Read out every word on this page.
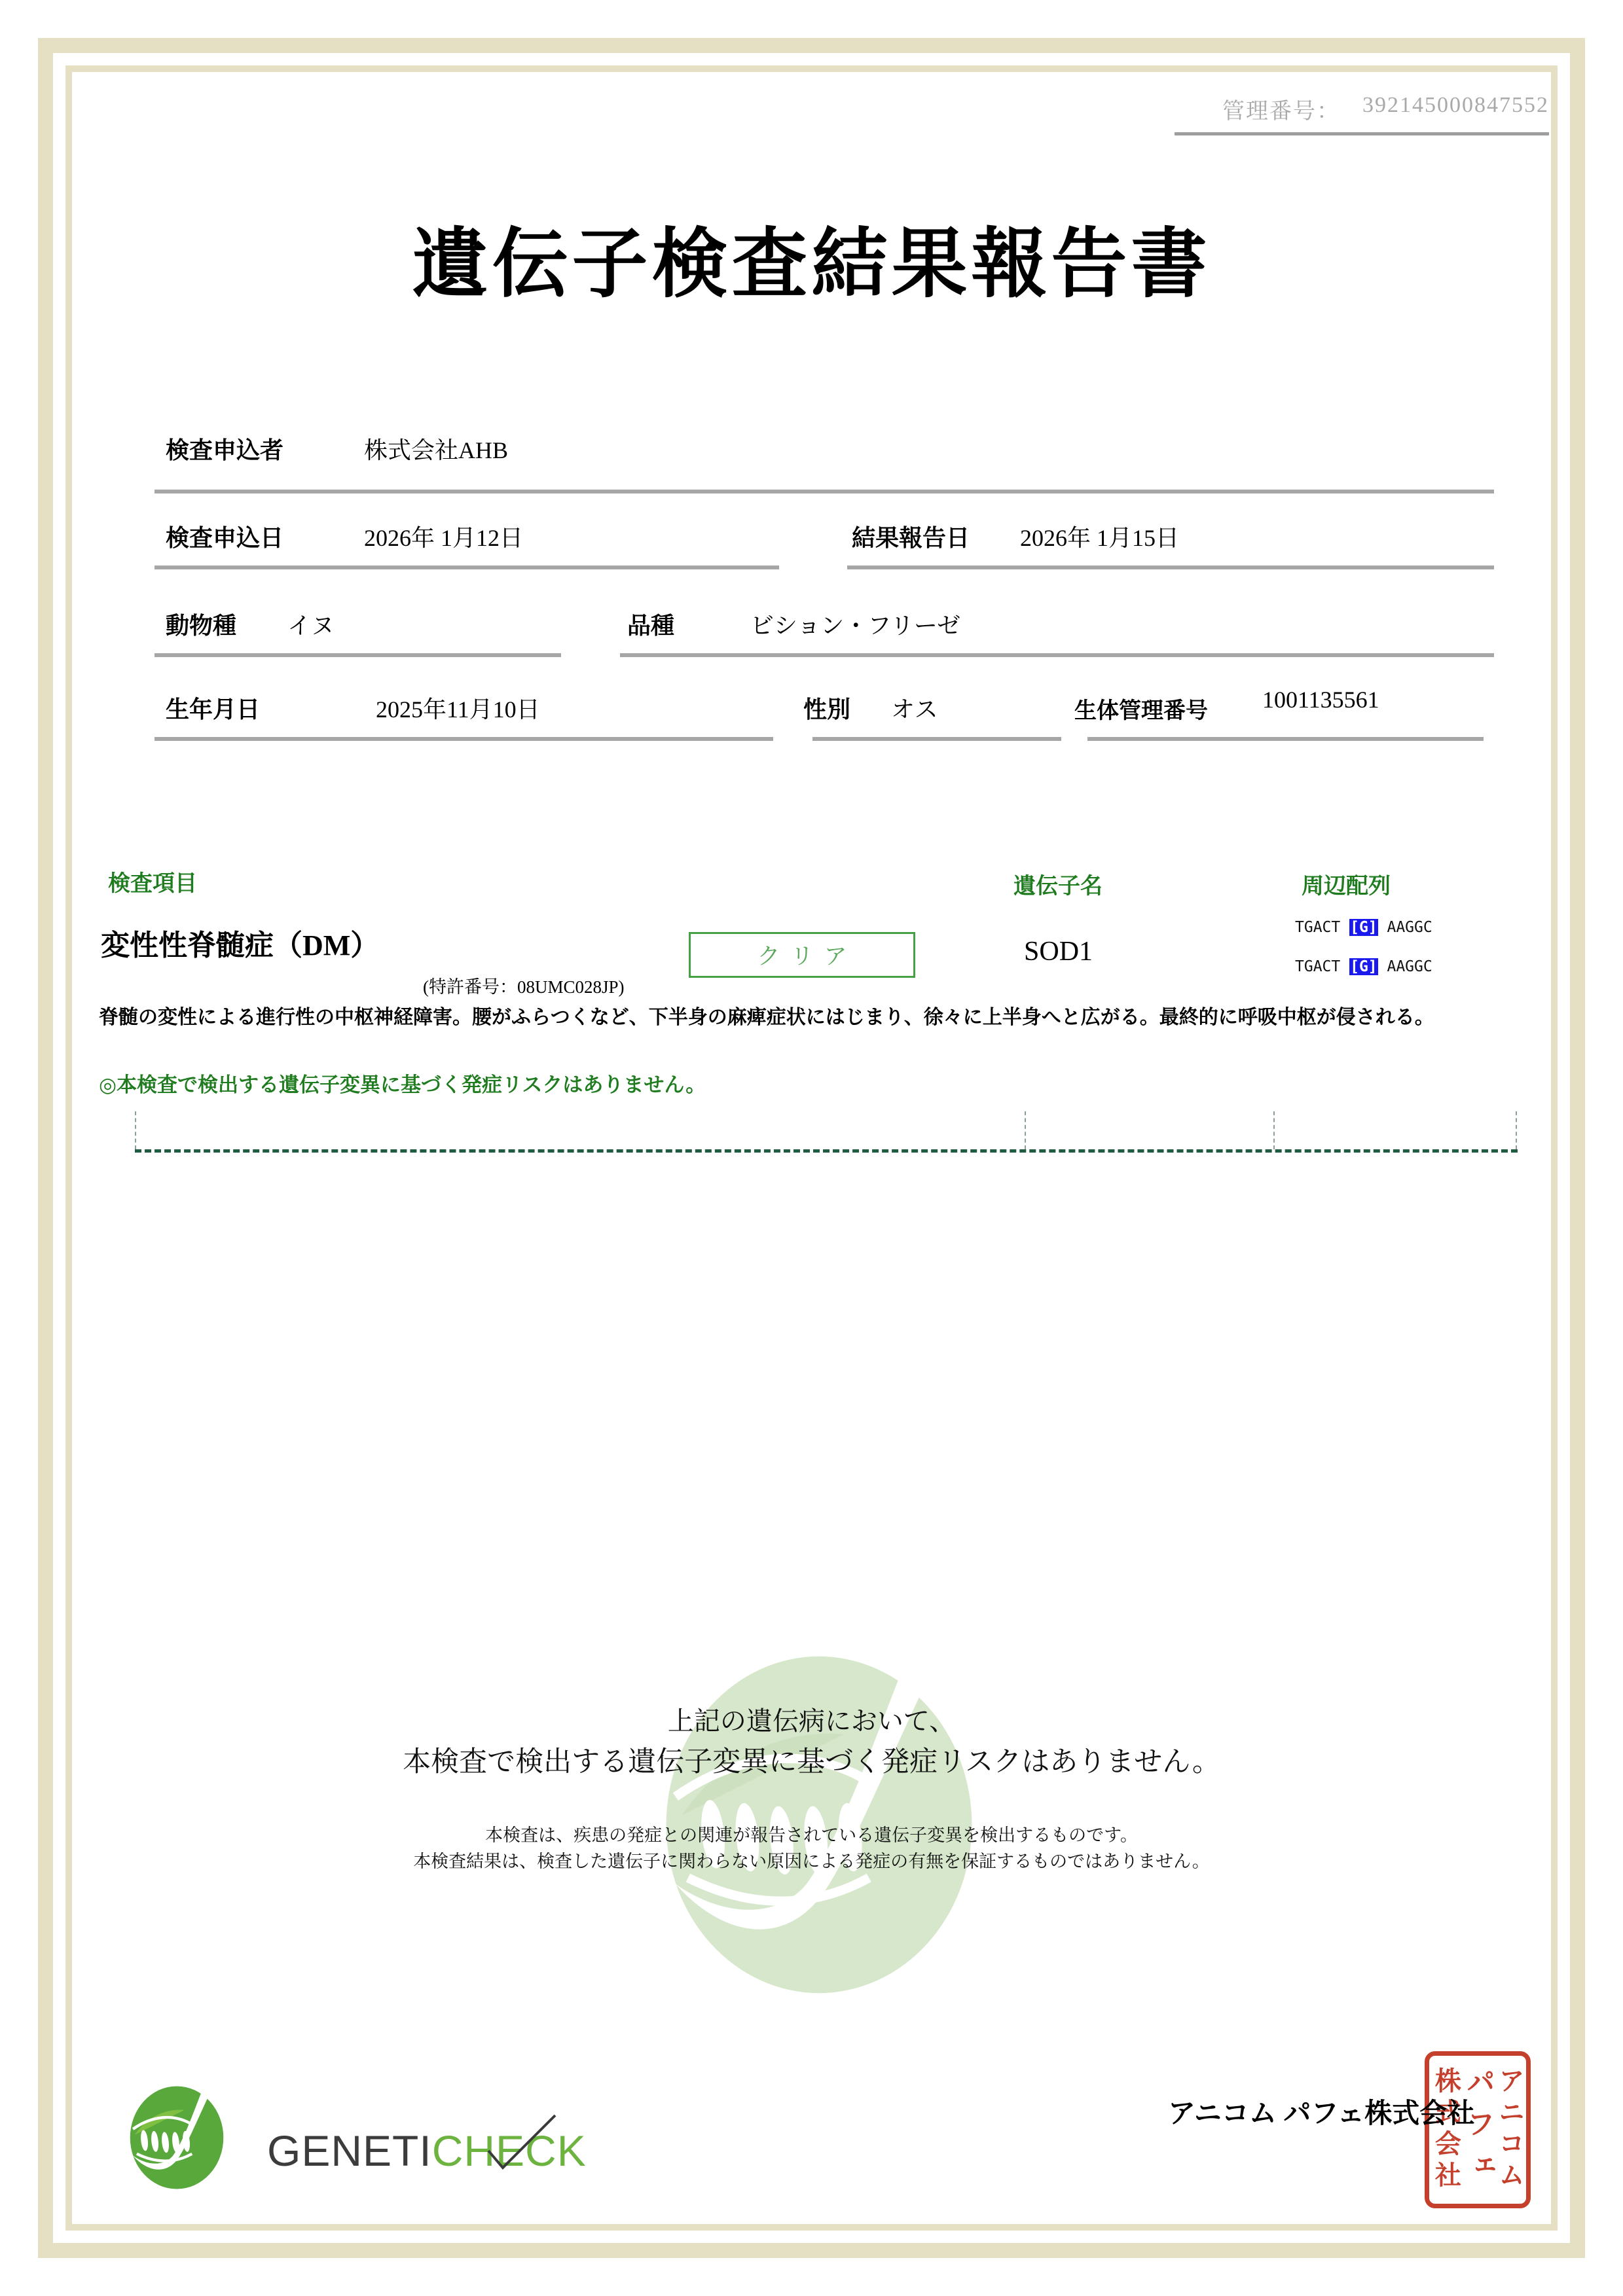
管理番号： 392145000847552
遺伝子検査結果報告書
検査申込者	株式会社AHB
検査申込日	2026年 1月12日	結果報告日 2026年 1月15日
動物種 イヌ	品種	ビション・フリーゼ
生年月日	2025年11月10日	性別 オス	生体管理番号 1001135561
検査項目	遺伝子名	周辺配列
変性性脊髄症（DM）
(特許番号：08UMC028JP)
クリア	SOD1
TGACT [G] AAGGC
TGACT [G] AAGGC
脊髄の変性による進行性の中枢神経障害。腰がふらつくなど、下半身の麻痺症状にはじまり、徐々に上半身へと広がる。最終的に呼吸中枢が侵される。
◎本検査で検出する遺伝子変異に基づく発症リスクはありません。
上記の遺伝病において、
本検査で検出する遺伝子変異に基づく発症リスクはありません。
本検査は、疾患の発症との関連が報告されている遺伝子変異を検出するものです。
本検査結果は、検査した遺伝子に関わらない原因による発症の有無を保証するものではありません。
GENETICHECK
アニコム パフェ株式会社 アニコム
パフェ
株式会社
